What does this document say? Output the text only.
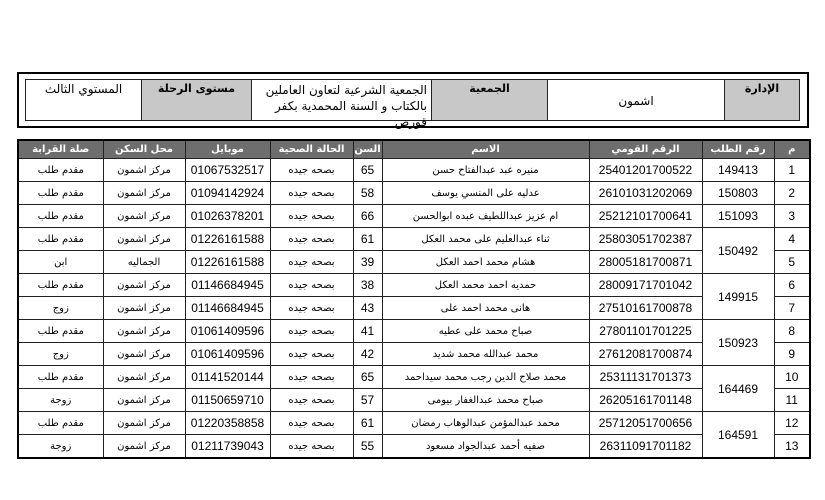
الإدارة
اشمون
الجمعية
الجمعية الشرعية لتعاون العاملين بالكتاب و السنة المحمدية بكفر قورص
مستوى الرحلة
المستوي الثالث
م	رقم الطلب	الرقم القومي	الاسم	السن	الحالة الصحية	موبايل	محل السكن	صلة القرابة
1	149413	25401201700522	منيره عبد عبدالفتاح حسن	65	بصحه جيده	01067532517	مركز اشمون	مقدم طلب
2	150803	26101031202069	عدليه على المنسي يوسف	58	بصحه جيده	01094142924	مركز اشمون	مقدم طلب
3	151093	25212101700641	ام عزيز عبداللطيف عبده ابوالحسن	66	بصحه جيده	01026378201	مركز اشمون	مقدم طلب
4	150492	25803051702387	ثناء عبدالعليم على محمد العكل	61	بصحه جيده	01226161588	مركز اشمون	مقدم طلب
5		28005181700871	هشام محمد احمد العكل	39	بصحه جيده	01226161588	الجماليه	ابن
6	149915	28009171701042	حمديه احمد محمد العكل	38	بصحه جيده	01146684945	مركز اشمون	مقدم طلب
7		27510161700878	هانى محمد احمد على	43	بصحه جيده	01146684945	مركز اشمون	زوج
8	150923	27801101701225	صباح محمد على عطيه	41	بصحه جيده	01061409596	مركز اشمون	مقدم طلب
9		27612081700874	محمد عبدالله محمد شديد	42	بصحه جيده	01061409596	مركز اشمون	زوج
10	164469	25311131701373	محمد صلاح الدين رجب محمد سيداحمد	65	بصحه جيده	01141520144	مركز اشمون	مقدم طلب
11		26205161701148	صباح محمد عبدالغفار بيومى	57	بصحه جيده	01150659710	مركز اشمون	زوجة
12	164591	25712051700656	محمد عبدالمؤمن عبدالوهاب رمضان	61	بصحه جيده	01220358858	مركز اشمون	مقدم طلب
13		26311091701182	صفيه أحمد عبدالجواد مسعود	55	بصحه جيده	01211739043	مركز اشمون	زوجة
